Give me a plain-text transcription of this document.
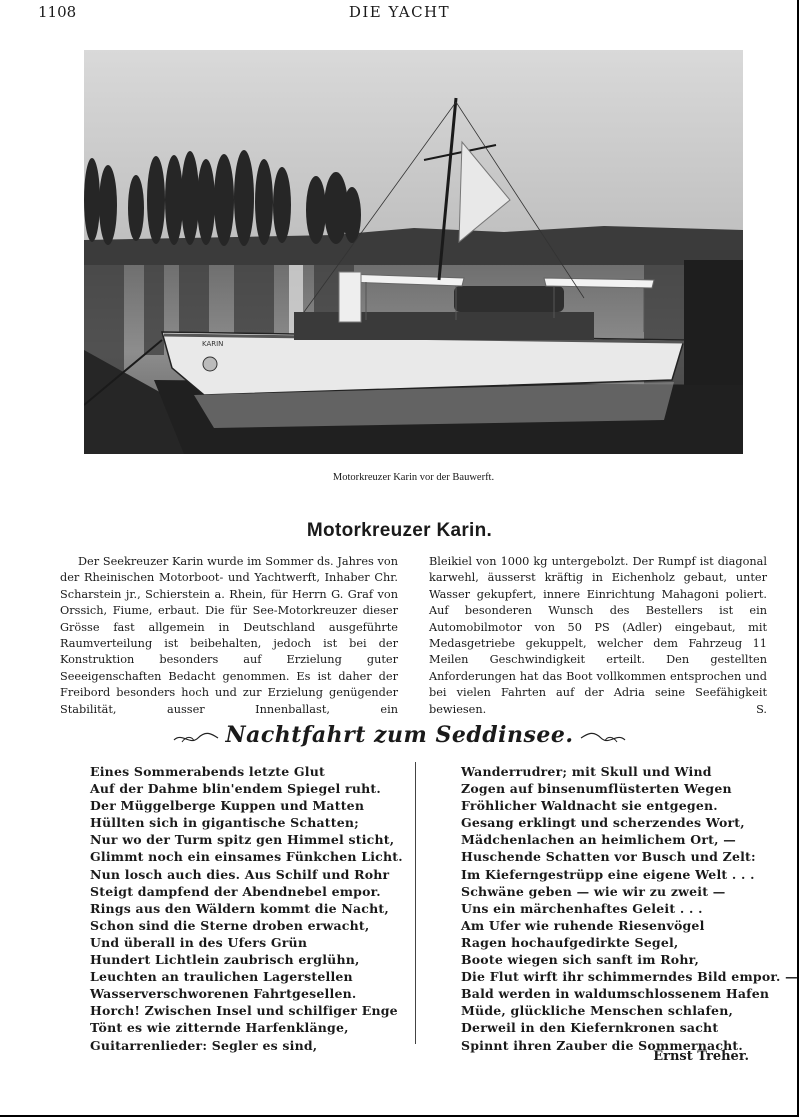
1108	DIE YACHT
KARIN
Motorkreuzer Karin vor der Bauwerft.
Motorkreuzer Karin.

Der Seekreuzer Karin wurde im Sommer ds. Jahres von der Rheinischen Motorboot- und Yachtwerft, Inhaber Chr. Scharstein jr., Schierstein a. Rhein, für Herrn G. Graf von Orssich, Fiume, erbaut. Die für See-Motorkreuzer dieser Grösse fast allgemein in Deutschland ausgeführte Raumverteilung ist beibehalten, jedoch ist bei der Konstruktion besonders auf Erzielung guter Seeeigenschaften Bedacht genommen. Es ist daher der Freibord besonders hoch und zur Erzielung genügender Stabilität, ausser Innenballast, ein

Bleikiel von 1000 kg untergebolzt. Der Rumpf ist diagonal karwehl, äusserst kräftig in Eichenholz gebaut, unter Wasser gekupfert, innere Einrichtung Mahagoni poliert. Auf besonderen Wunsch des Bestellers ist ein Automobilmotor von 50 PS (Adler) eingebaut, mit Medasgetriebe gekuppelt, welcher dem Fahrzeug 11 Meilen Geschwindigkeit erteilt. Den gestellten Anforderungen hat das Boot vollkommen entsprochen und bei vielen Fahrten auf der Adria seine Seefähigkeit bewiesen.	S.

Nachtfahrt zum Seddinsee.
Eines Sommerabends letzte Glut
Auf der Dahme blin'endem Spiegel ruht.
Der Müggelberge Kuppen und Matten
Hüllten sich in gigantische Schatten;
Nur wo der Turm spitz gen Himmel sticht,
Glimmt noch ein einsames Fünkchen Licht.
Nun losch auch dies. Aus Schilf und Rohr
Steigt dampfend der Abendnebel empor.
Rings aus den Wäldern kommt die Nacht,
Schon sind die Sterne droben erwacht,
Und überall in des Ufers Grün
Hundert Lichtlein zaubrisch erglühn,
Leuchten an traulichen Lagerstellen
Wasserverschworenen Fahrtgesellen.
Horch! Zwischen Insel und schilfiger Enge
Tönt es wie zitternde Harfenklänge,
Guitarrenlieder: Segler es sind,
Wanderrudrer; mit Skull und Wind
Zogen auf binsenumflüsterten Wegen
Fröhlicher Waldnacht sie entgegen.
Gesang erklingt und scherzendes Wort,
Mädchenlachen an heimlichem Ort, —
Huschende Schatten vor Busch und Zelt:
Im Kieferngestrüpp eine eigene Welt . . .
Schwäne geben — wie wir zu zweit —
Uns ein märchenhaftes Geleit . . .
Am Ufer wie ruhende Riesenvögel
Ragen hochaufgedirkte Segel,
Boote wiegen sich sanft im Rohr,
Die Flut wirft ihr schimmerndes Bild empor. —
Bald werden in waldumschlossenem Hafen
Müde, glückliche Menschen schlafen,
Derweil in den Kiefernkronen sacht
Spinnt ihren Zauber die Sommernacht.
Ernst Treher.
